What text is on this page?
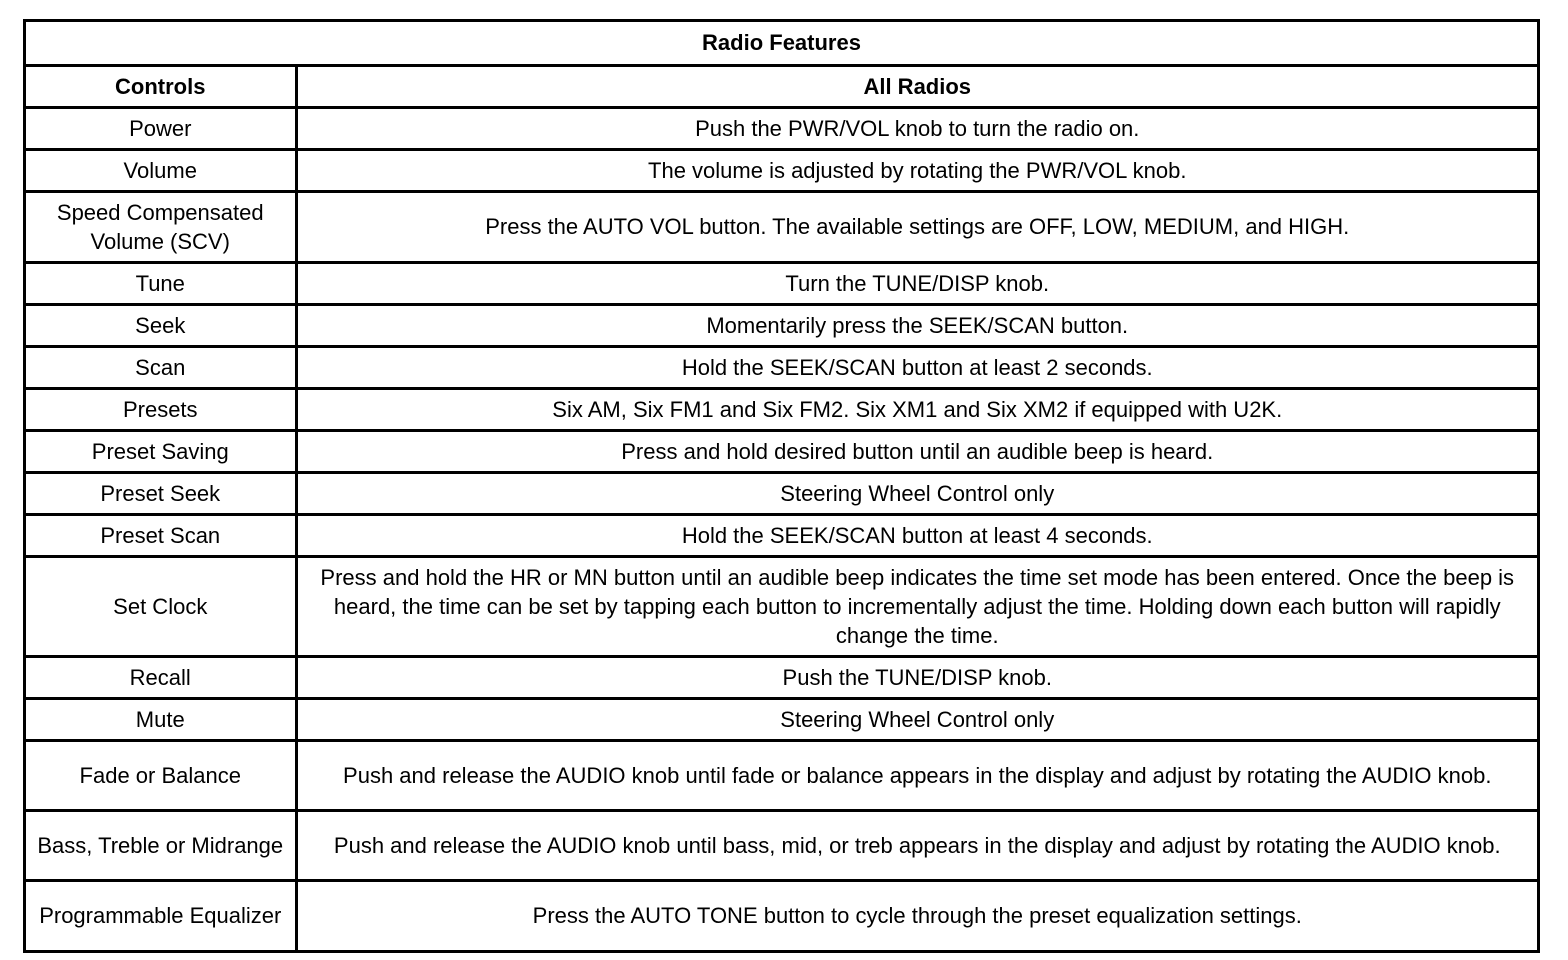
Radio Features	
Controls	All Radios
Power	Push the PWR/VOL knob to turn the radio on.
Volume	The volume is adjusted by rotating the PWR/VOL knob.
Speed Compensated Volume (SCV)	Press the AUTO VOL button. The available settings are OFF, LOW, MEDIUM, and HIGH.
Tune	Turn the TUNE/DISP knob.
Seek	Momentarily press the SEEK/SCAN button.
Scan	Hold the SEEK/SCAN button at least 2 seconds.
Presets	Six AM, Six FM1 and Six FM2. Six XM1 and Six XM2 if equipped with U2K.
Preset Saving	Press and hold desired button until an audible beep is heard.
Preset Seek	Steering Wheel Control only
Preset Scan	Hold the SEEK/SCAN button at least 4 seconds.
Set Clock	Press and hold the HR or MN button until an audible beep indicates the time set mode has been entered. Once the beep is heard, the time can be set by tapping each button to incrementally adjust the time. Holding down each button will rapidly change the time.
Recall	Push the TUNE/DISP knob.
Mute	Steering Wheel Control only
Fade or Balance	Push and release the AUDIO knob until fade or balance appears in the display and adjust by rotating the AUDIO knob.
Bass, Treble or Midrange	Push and release the AUDIO knob until bass, mid, or treb appears in the display and adjust by rotating the AUDIO knob.
Programmable Equalizer	Press the AUTO TONE button to cycle through the preset equalization settings.
